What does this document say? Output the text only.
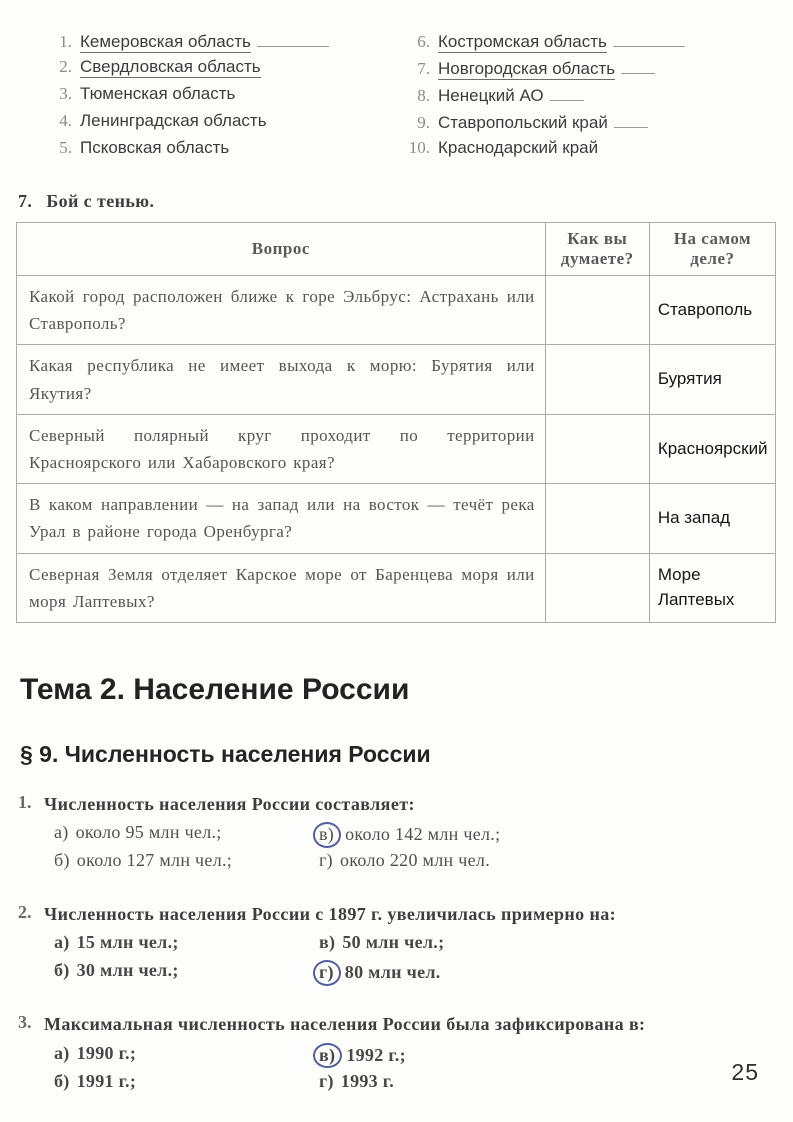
1. Кемеровская область
2. Свердловская область
3. Тюменская область
4. Ленинградская область
5. Псковская область
6. Костромская область
7. Новгородская область
8. Ненецкий АО
9. Ставропольский край
10. Краснодарский край
7. Бой с тенью.
Вопрос	Как вы думаете?	На самом деле?
Какой город расположен ближе к горе Эльбрус: Астрахань или Ставрополь?		Ставрополь
Какая республика не имеет выхода к морю: Бурятия или Якутия?		Бурятия
Северный полярный круг проходит по территории Красноярского или Хабаровского края?		Красноярский
В каком направлении — на запад или на восток — течёт река Урал в районе города Оренбурга?		На запад
Северная Земля отделяет Карское море от Баренцева моря или моря Лаптевых?		Море Лаптевых
Тема 2. Население России
§ 9. Численность населения России
1. Численность населения России составляет:
а) около 95 млн чел.;
б) около 127 млн чел.;
в) около 142 млн чел.;
г) около 220 млн чел.
2. Численность населения России с 1897 г. увеличилась примерно на:
а) 15 млн чел.;
б) 30 млн чел.;
в) 50 млн чел.;
г) 80 млн чел.
3. Максимальная численность населения России была зафиксирована в:
а) 1990 г.;
б) 1991 г.;
в) 1992 г.;
г) 1993 г.	25
